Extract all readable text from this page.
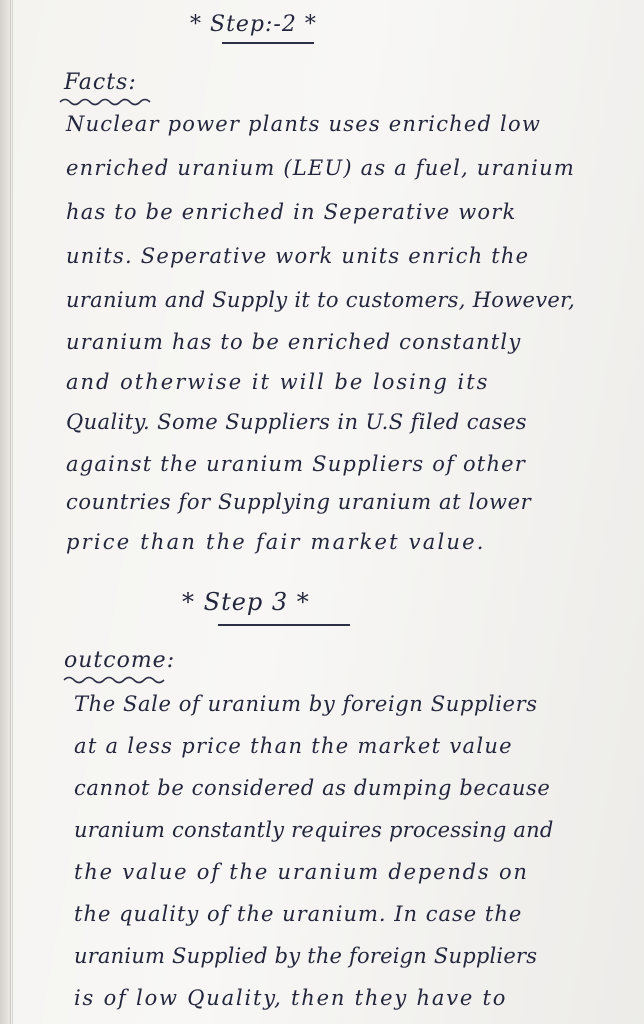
* Step:-2 *
Facts:
Nuclear power plants uses enriched low
enriched uranium (LEU) as a fuel, uranium
has to be enriched in Seperative work
units. Seperative work units enrich the
uranium and Supply it to customers, However,
uranium has to be enriched constantly
and otherwise it will be losing its
Quality. Some Suppliers in U.S filed cases
against the uranium Suppliers of other
countries for Supplying uranium at lower
price than the fair market value.
* Step 3 *
outcome:
The Sale of uranium by foreign Suppliers
at a less price than the market value
cannot be considered as dumping because
uranium constantly requires processing and
the value of the uranium depends on
the quality of the uranium. In case the
uranium Supplied by the foreign Suppliers
is of low Quality, then they have to
